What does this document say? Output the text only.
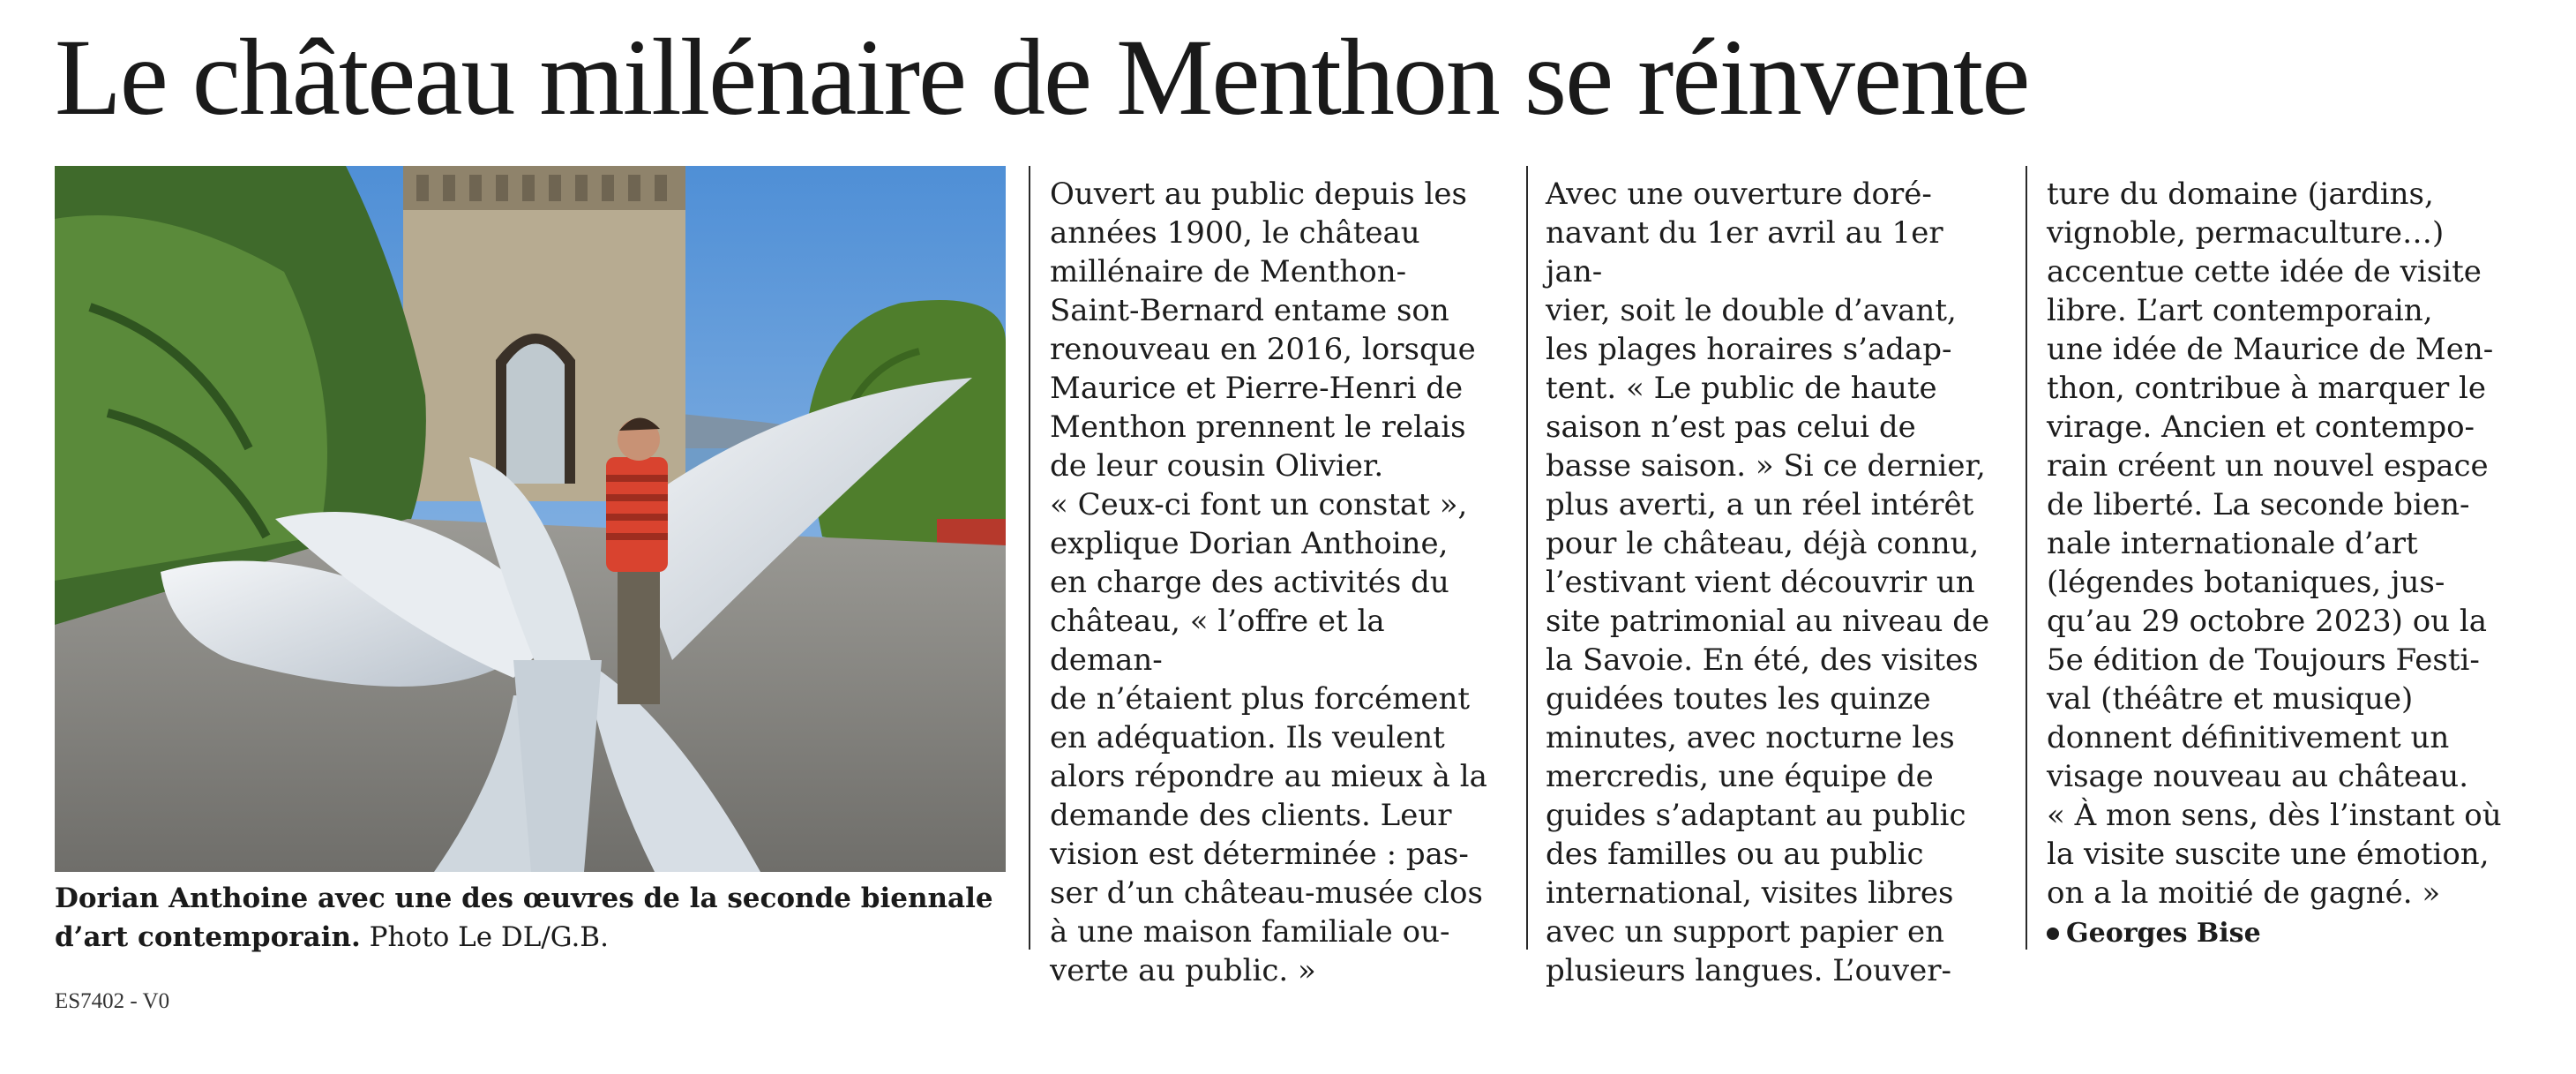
Le château millénaire de Menthon se réinvente
Dorian Anthoine avec une des œuvres de la seconde biennale d’art contemporain. Photo Le DL/G.B.

Ouvert au public depuis les
années 1900, le château
millénaire de Menthon-
Saint-Bernard entame son
renouveau en 2016, lorsque
Maurice et Pierre-Henri de
Menthon prennent le relais
de leur cousin Olivier.
« Ceux-ci font un constat »,
explique Dorian Anthoine,
en charge des activités du
château, « l’offre et la deman-
de n’étaient plus forcément
en adéquation. Ils veulent
alors répondre au mieux à la
demande des clients. Leur
vision est déterminée : pas-
ser d’un château-musée clos
à une maison familiale ou-
verte au public. »

Avec une ouverture doré-
navant du 1er avril au 1er jan-
vier, soit le double d’avant,
les plages horaires s’adap-
tent. « Le public de haute
saison n’est pas celui de
basse saison. » Si ce dernier,
plus averti, a un réel intérêt
pour le château, déjà connu,
l’estivant vient découvrir un
site patrimonial au niveau de
la Savoie. En été, des visites
guidées toutes les quinze
minutes, avec nocturne les
mercredis, une équipe de
guides s’adaptant au public
des familles ou au public
international, visites libres
avec un support papier en
plusieurs langues. L’ouver-

ture du domaine (jardins,
vignoble, permaculture…)
accentue cette idée de visite
libre. L’art contemporain,
une idée de Maurice de Men-
thon, contribue à marquer le
virage. Ancien et contempo-
rain créent un nouvel espace
de liberté. La seconde bien-
nale internationale d’art
(légendes botaniques, jus-
qu’au 29 octobre 2023) ou la
5e édition de Toujours Festi-
val (théâtre et musique)
donnent définitivement un
visage nouveau au château.
« À mon sens, dès l’instant où
la visite suscite une émotion,
on a la moitié de gagné. »

Georges Bise

ES7402 - V0
